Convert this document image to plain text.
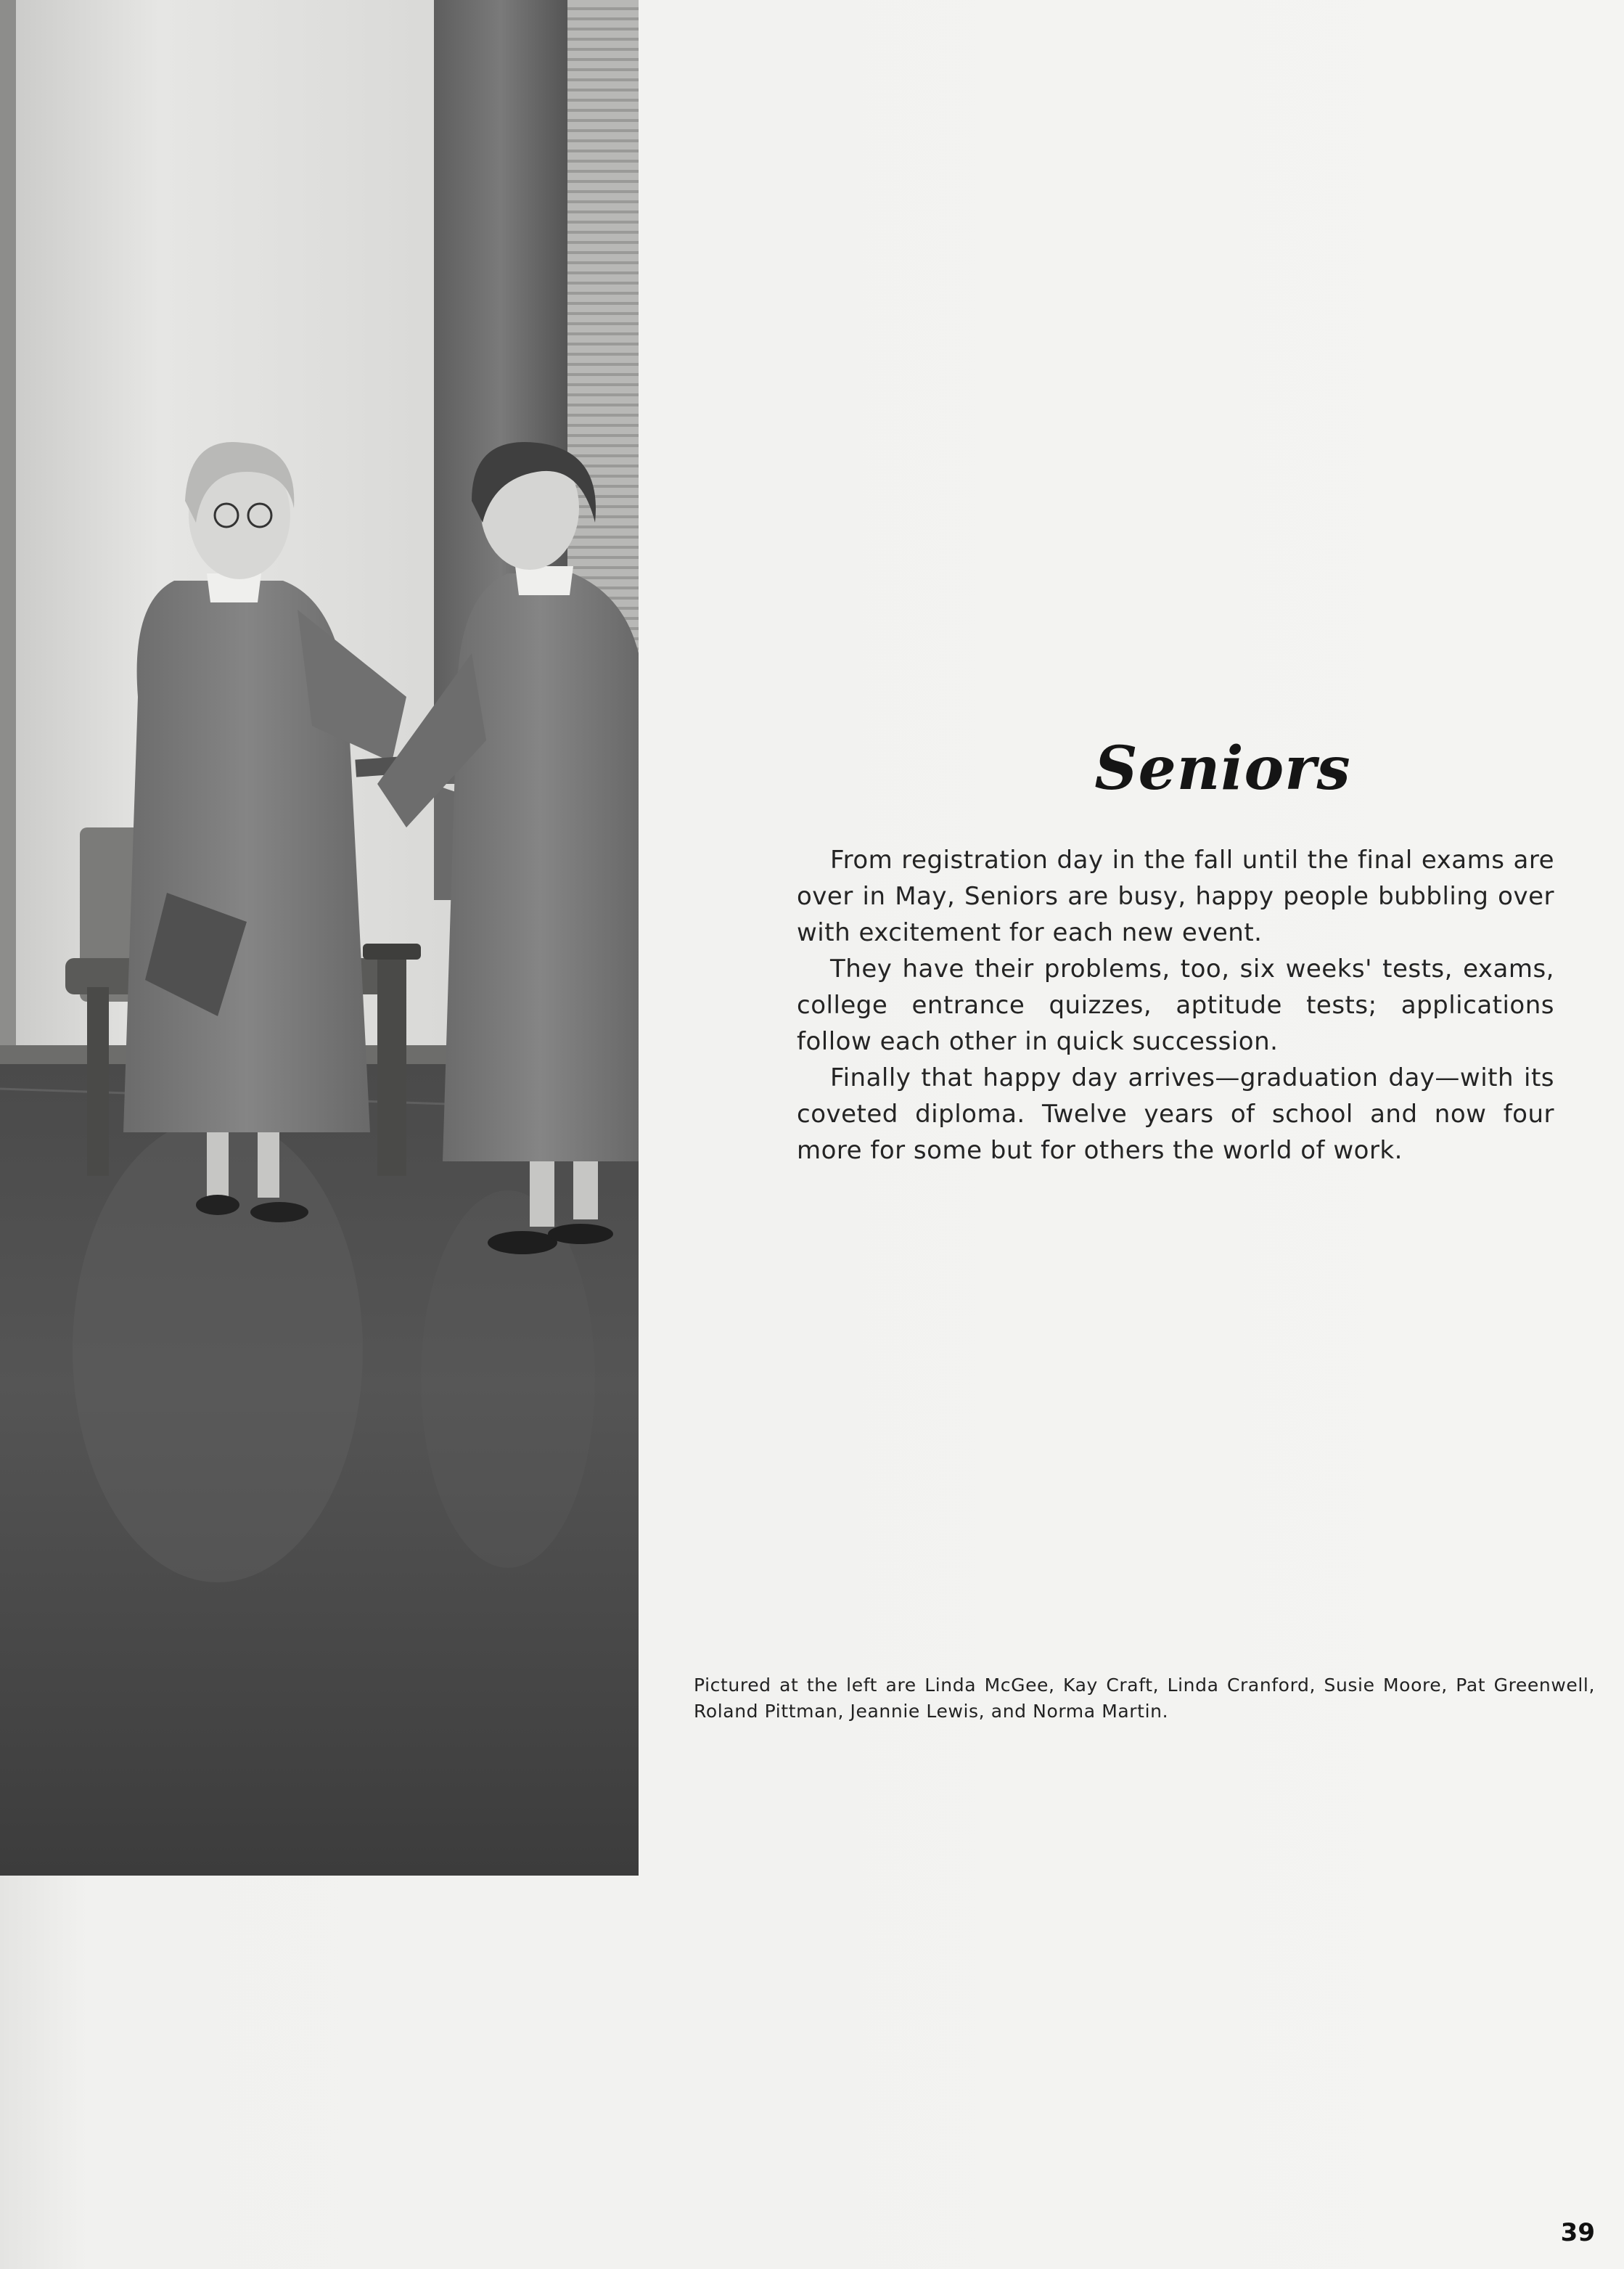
Seniors

From registration day in the fall until the final exams are over in May, Seniors are busy, happy people bubbling over with excitement for each new event.

They have their problems, too, six weeks' tests, exams, college entrance quizzes, aptitude tests; applications follow each other in quick succession.

Finally that happy day arrives—graduation day—with its coveted diploma. Twelve years of school and now four more for some but for others the world of work.

Pictured at the left are Linda McGee, Kay Craft, Linda Cranford, Susie Moore, Pat Greenwell, Roland Pittman, Jeannie Lewis, and Norma Martin.
39
